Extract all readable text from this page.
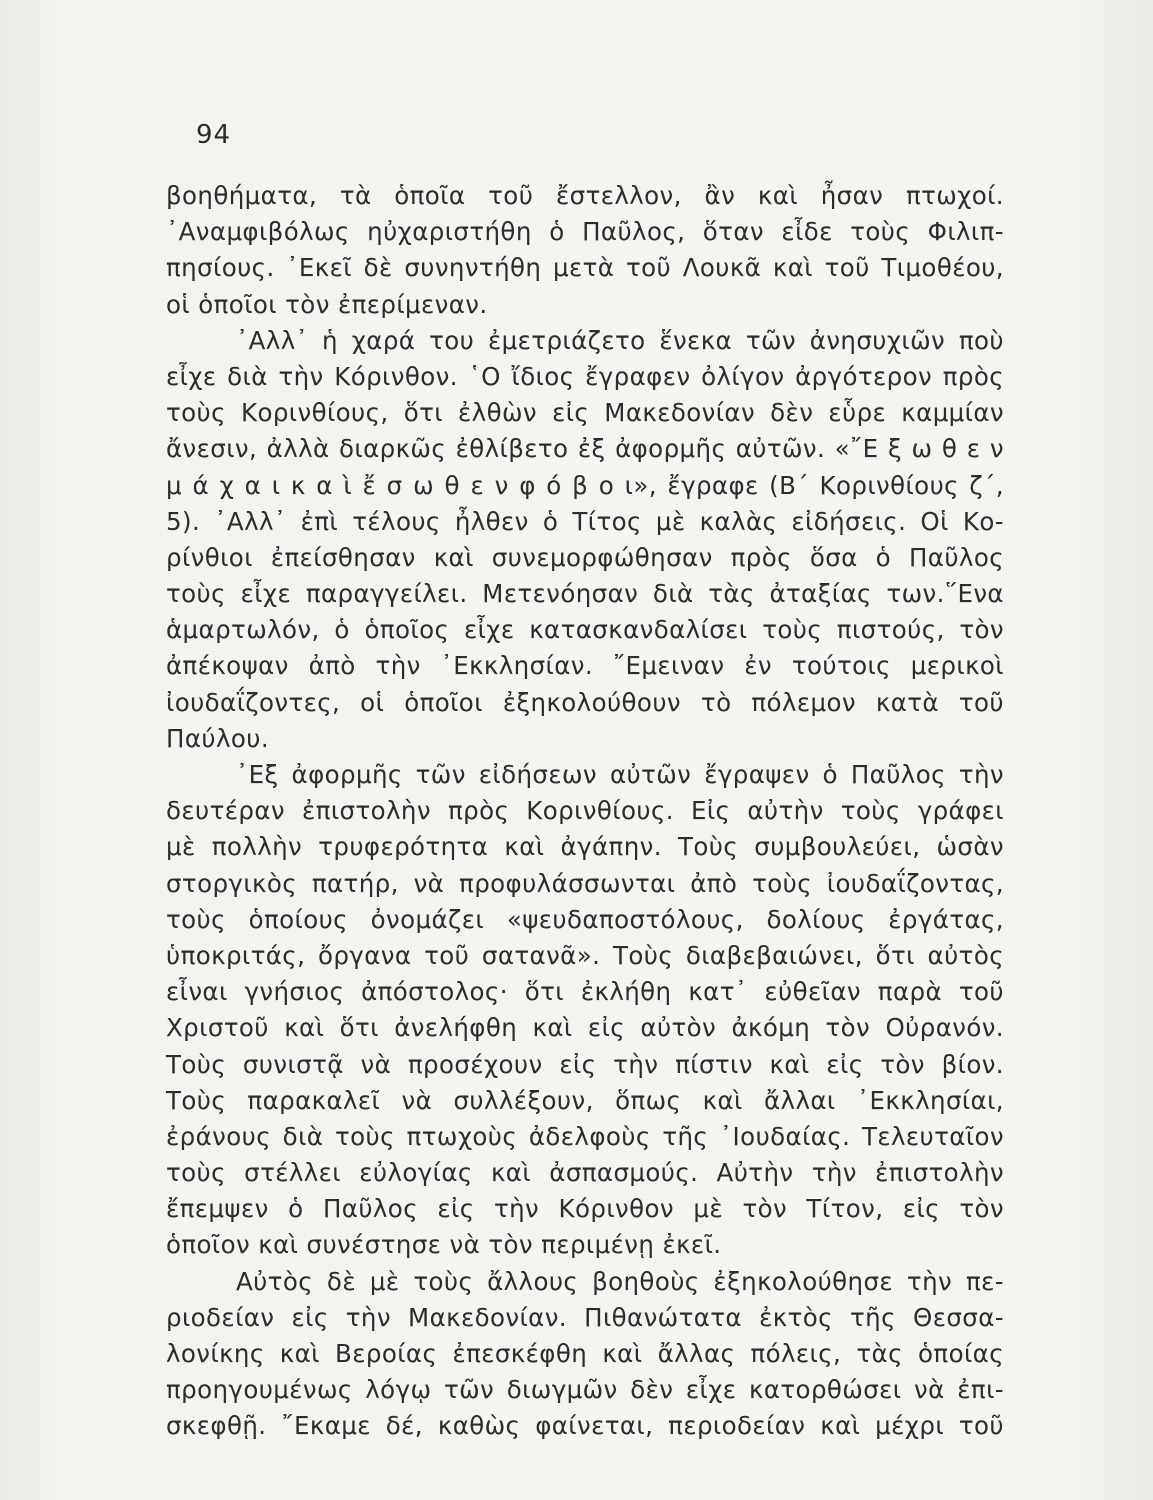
94
βοηθήματα, τὰ ὁποῖα τοῦ ἔστελλον, ἂν καὶ ἦσαν πτωχοί.
᾿Αναμφιβόλως ηὐχαριστήθη ὁ Παῦλος, ὅταν εἶδε τοὺς Φιλιπ-
πησίους. ᾿Εκεῖ δὲ συνηντήθη μετὰ τοῦ Λουκᾶ καὶ τοῦ Τιμοθέου,
οἱ ὁποῖοι τὸν ἐπερίμεναν.
᾿Αλλ᾿ ἡ χαρά του ἐμετριάζετο ἕνεκα τῶν ἀνησυχιῶν ποὺ
εἶχε διὰ τὴν Κόρινθον. ῾Ο ἴδιος ἔγραφεν ὀλίγον ἀργότερον πρὸς
τοὺς Κορινθίους, ὅτι ἐλθὼν εἰς Μακεδονίαν δὲν εὗρε καμμίαν
ἄνεσιν, ἀλλὰ διαρκῶς ἐθλίβετο ἐξ ἀφορμῆς αὐτῶν. «῎Ε ξ ω θ ε ν
μ ά χ α ι κ α ὶ ἔ σ ω θ ε ν φ ό β ο ι», ἔγραφε (Β΄ Κορινθίους ζ΄,
5). ᾿Αλλ᾿ ἐπὶ τέλους ἦλθεν ὁ Τίτος μὲ καλὰς εἰδήσεις. Οἱ Κο-
ρίνθιοι ἐπείσθησαν καὶ συνεμορφώθησαν πρὸς ὅσα ὁ Παῦλος
τοὺς εἶχε παραγγείλει. Μετενόησαν διὰ τὰς ἀταξίας των.῞Ενα
ἁμαρτωλόν, ὁ ὁποῖος εἶχε κατασκανδαλίσει τοὺς πιστούς, τὸν
ἀπέκοψαν ἀπὸ τὴν ᾿Εκκλησίαν. ῎Εμειναν ἐν τούτοις μερικοὶ
ἰουδαΐζοντες, οἱ ὁποῖοι ἐξηκολούθουν τὸ πόλεμον κατὰ τοῦ
Παύλου.
᾿Εξ ἀφορμῆς τῶν εἰδήσεων αὐτῶν ἔγραψεν ὁ Παῦλος τὴν
δευτέραν ἐπιστολὴν πρὸς Κορινθίους. Εἰς αὐτὴν τοὺς γράφει
μὲ πολλὴν τρυφερότητα καὶ ἀγάπην. Τοὺς συμβουλεύει, ὡσὰν
στοργικὸς πατήρ, νὰ προφυλάσσωνται ἀπὸ τοὺς ἰουδαΐζοντας,
τοὺς ὁποίους ὀνομάζει «ψευδαποστόλους, δολίους ἐργάτας,
ὑποκριτάς, ὄργανα τοῦ σατανᾶ». Τοὺς διαβεβαιώνει, ὅτι αὐτὸς
εἶναι γνήσιος ἀπόστολος· ὅτι ἐκλήθη κατ᾿ εὐθεῖαν παρὰ τοῦ
Χριστοῦ καὶ ὅτι ἀνελήφθη καὶ εἰς αὐτὸν ἀκόμη τὸν Οὐρανόν.
Τοὺς συνιστᾷ νὰ προσέχουν εἰς τὴν πίστιν καὶ εἰς τὸν βίον.
Τοὺς παρακαλεῖ νὰ συλλέξουν, ὅπως καὶ ἄλλαι ᾿Εκκλησίαι,
ἐράνους διὰ τοὺς πτωχοὺς ἀδελφοὺς τῆς ᾿Ιουδαίας. Τελευταῖον
τοὺς στέλλει εὐλογίας καὶ ἀσπασμούς. Αὐτὴν τὴν ἐπιστολὴν
ἔπεμψεν ὁ Παῦλος εἰς τὴν Κόρινθον μὲ τὸν Τίτον, εἰς τὸν
ὁποῖον καὶ συνέστησε νὰ τὸν περιμένῃ ἐκεῖ.
Αὐτὸς δὲ μὲ τοὺς ἄλλους βοηθοὺς ἐξηκολούθησε τὴν πε-
ριοδείαν εἰς τὴν Μακεδονίαν. Πιθανώτατα ἐκτὸς τῆς Θεσσα-
λονίκης καὶ Βεροίας ἐπεσκέφθη καὶ ἄλλας πόλεις, τὰς ὁποίας
προηγουμένως λόγῳ τῶν διωγμῶν δὲν εἶχε κατορθώσει νὰ ἐπι-
σκεφθῇ. ῎Εκαμε δέ, καθὼς φαίνεται, περιοδείαν καὶ μέχρι τοῦ
